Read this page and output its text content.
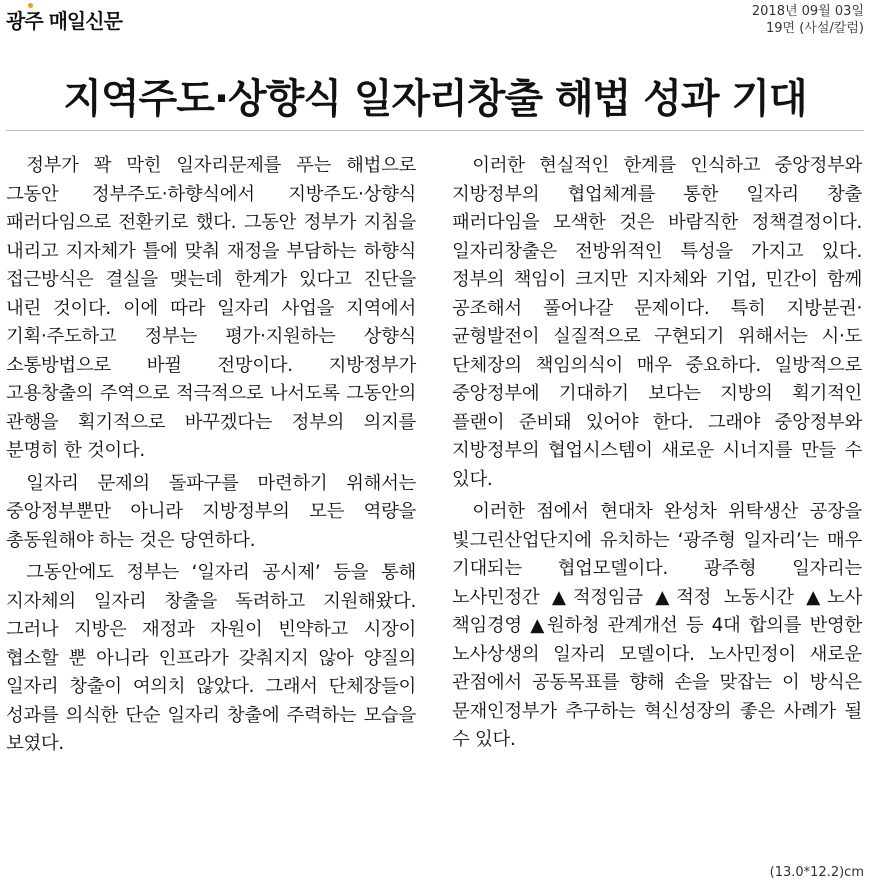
광주 매일신문	2018년 09월 03일
19면 (사설/칼럼)
지역주도·상향식 일자리창출 해법 성과 기대

정부가 꽉 막힌 일자리문제를 푸는 해법으로 그동안 정부주도·하향식에서 지방주도·상향식 패러다임으로 전환키로 했다. 그동안 정부가 지침을 내리고 지자체가 틀에 맞춰 재정을 부담하는 하향식 접근방식은 결실을 맺는데 한계가 있다고 진단을 내린 것이다. 이에 따라 일자리 사업을 지역에서 기획·주도하고 정부는 평가·지원하는 상향식 소통방법으로 바뀔 전망이다. 지방정부가 고용창출의 주역으로 적극적으로 나서도록 그동안의 관행을 획기적으로 바꾸겠다는 정부의 의지를 분명히 한 것이다.

일자리 문제의 돌파구를 마련하기 위해서는 중앙정부뿐만 아니라 지방정부의 모든 역량을 총동원해야 하는 것은 당연하다.

그동안에도 정부는 ‘일자리 공시제’ 등을 통해 지자체의 일자리 창출을 독려하고 지원해왔다. 그러나 지방은 재정과 자원이 빈약하고 시장이 협소할 뿐 아니라 인프라가 갖춰지지 않아 양질의 일자리 창출이 여의치 않았다. 그래서 단체장들이 성과를 의식한 단순 일자리 창출에 주력하는 모습을 보였다.

이러한 현실적인 한계를 인식하고 중앙정부와 지방정부의 협업체계를 통한 일자리 창출 패러다임을 모색한 것은 바람직한 정책결정이다. 일자리창출은 전방위적인 특성을 가지고 있다. 정부의 책임이 크지만 지자체와 기업, 민간이 함께 공조해서 풀어나갈 문제이다. 특히 지방분권·균형발전이 실질적으로 구현되기 위해서는 시·도 단체장의 책임의식이 매우 중요하다. 일방적으로 중앙정부에 기대하기 보다는 지방의 획기적인 플랜이 준비돼 있어야 한다. 그래야 중앙정부와 지방정부의 협업시스템이 새로운 시너지를 만들 수 있다.

이러한 점에서 현대차 완성차 위탁생산 공장을 빛그린산업단지에 유치하는 ‘광주형 일자리’는 매우 기대되는 협업모델이다. 광주형 일자리는 노사민정간 ▲적정임금 ▲적정 노동시간 ▲노사 책임경영 ▲원하청 관계개선 등 4대 합의를 반영한 노사상생의 일자리 모델이다. 노사민정이 새로운 관점에서 공동목표를 향해 손을 맞잡는 이 방식은 문재인정부가 추구하는 혁신성장의 좋은 사례가 될 수 있다.

(13.0*12.2)cm
